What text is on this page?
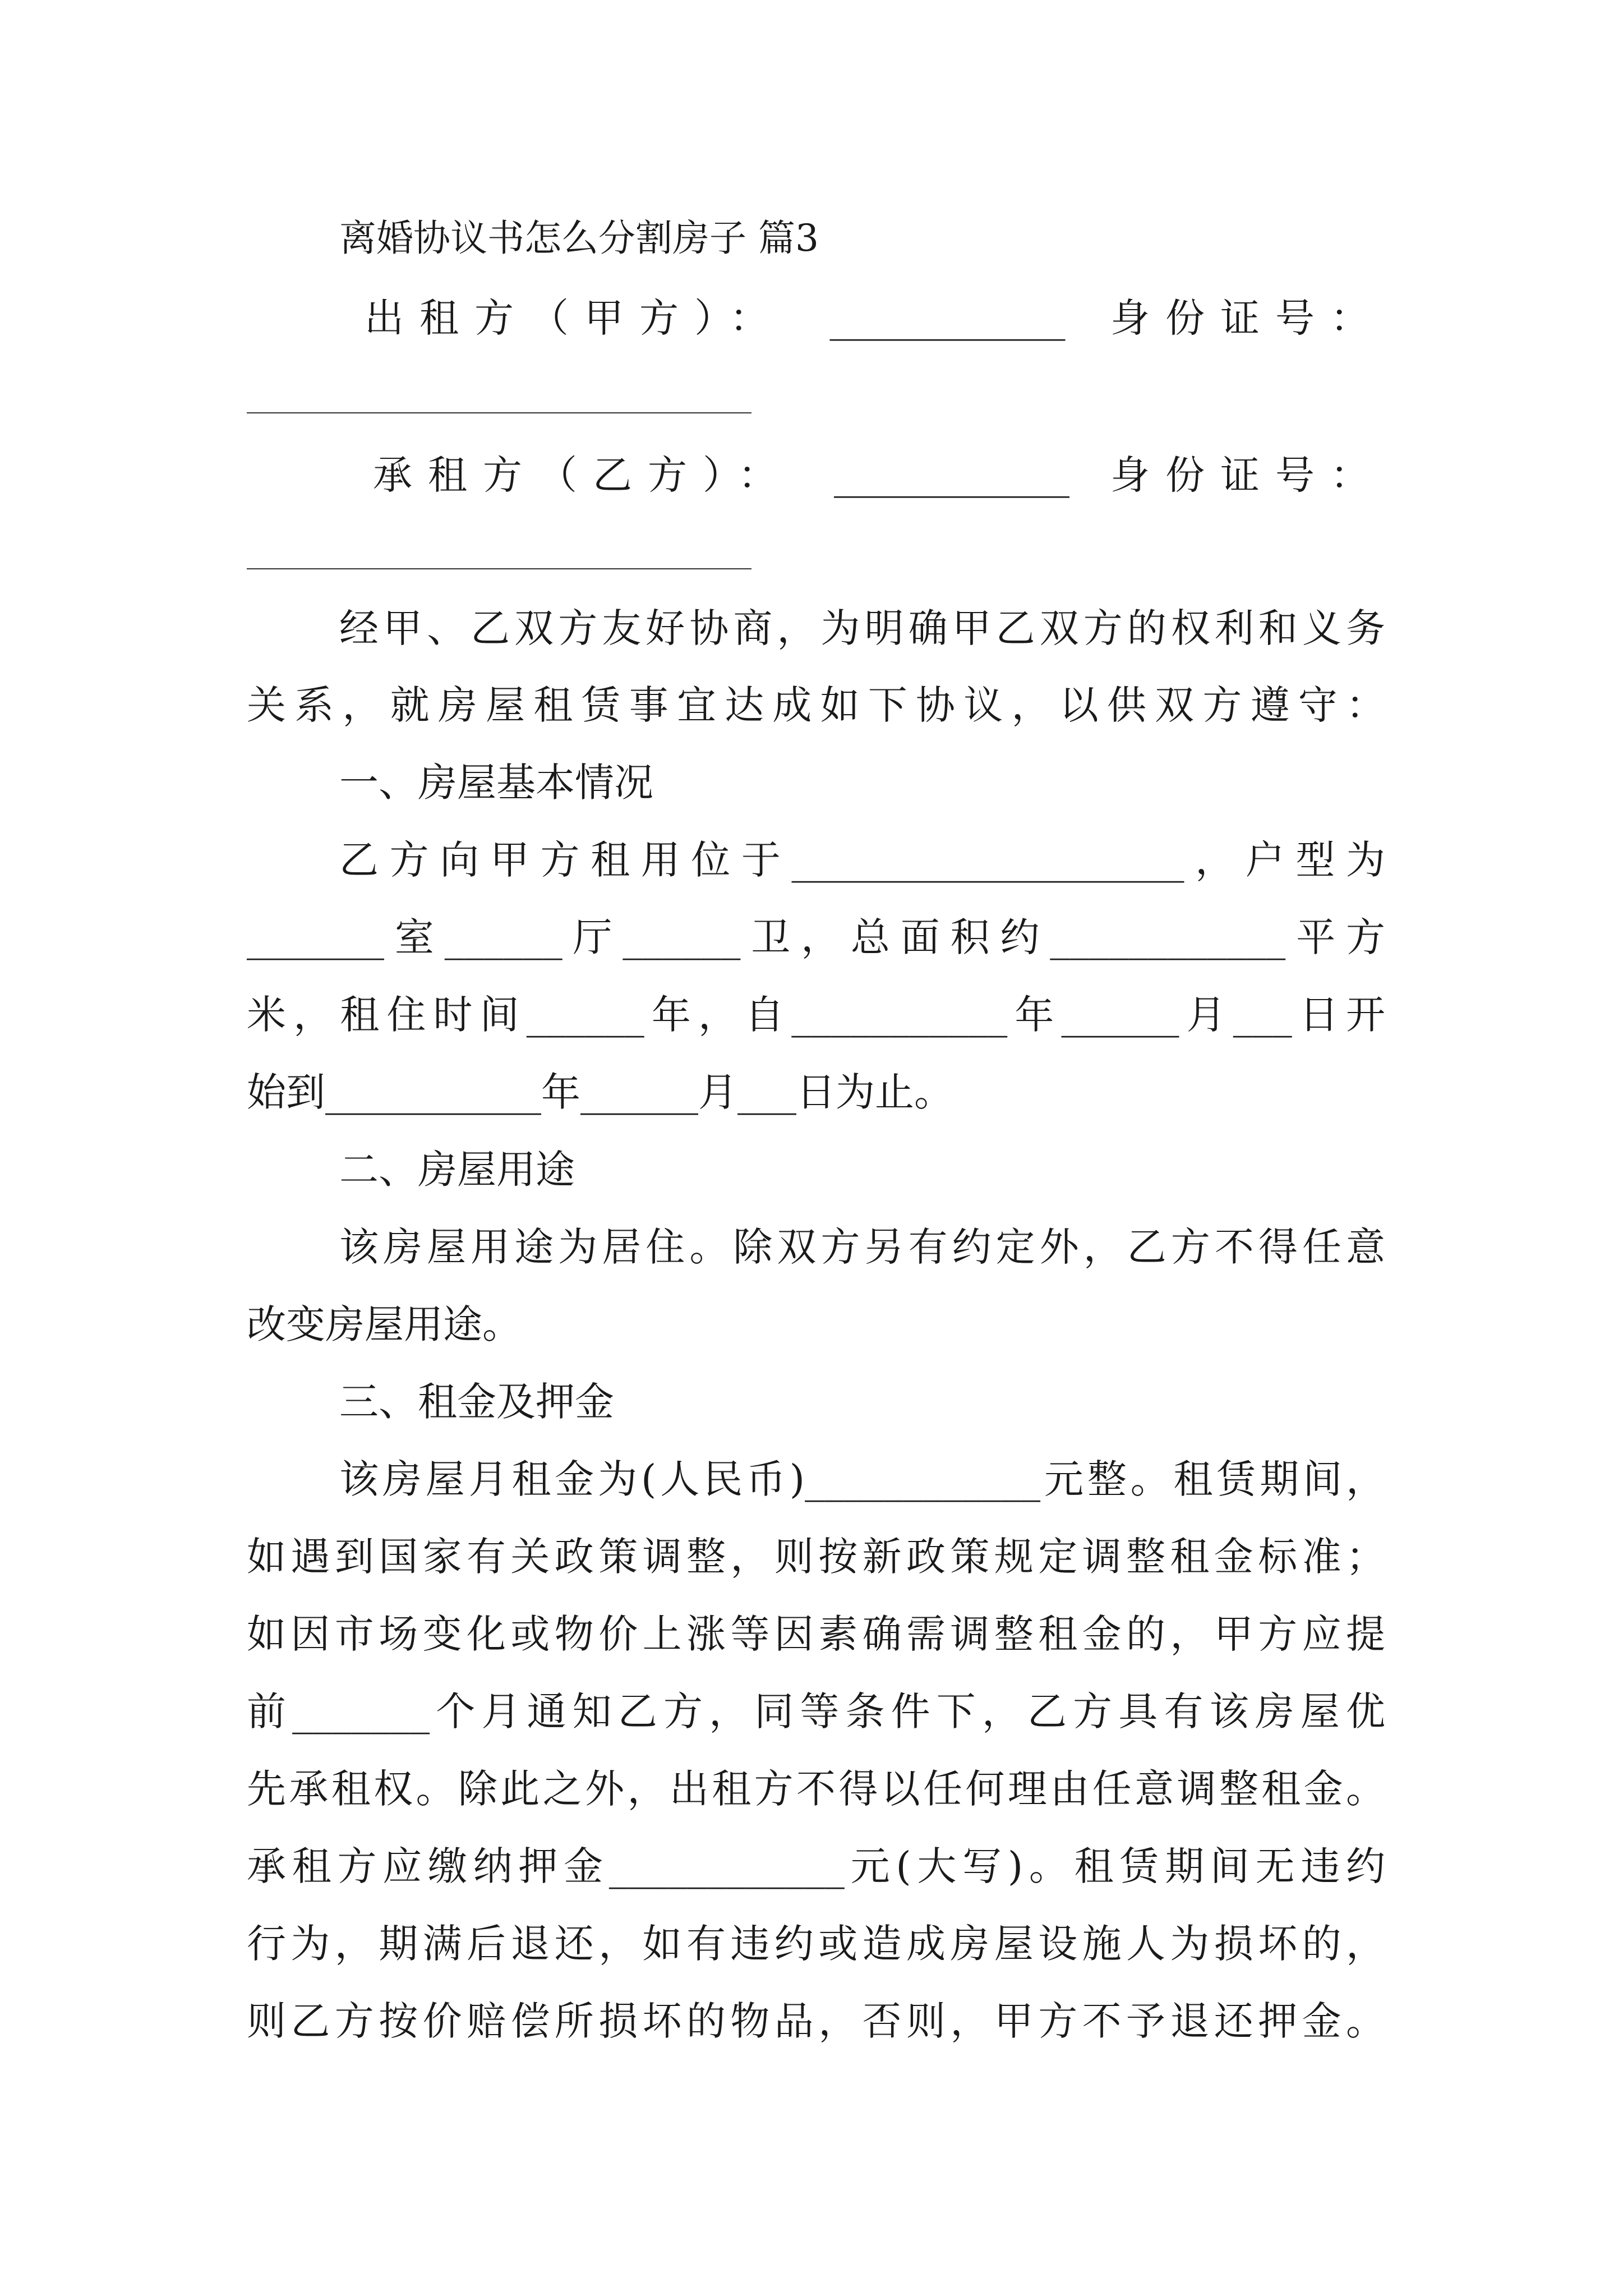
离婚协议书怎么分割房子 篇3
出租方（甲方）： ____________ 身份证号：
承租方（乙方）： ____________ 身份证号：
经甲、乙双方友好协商，为明确甲乙双方的权利和义务
关系，就房屋租赁事宜达成如下协议，以供双方遵守：
一、房屋基本情况
乙方向甲方租用位于____________________，户型为
_______室______厅______卫，总面积约____________平方
米，租住时间______年，自___________年______月___日开
始到___________年______月___日为止。
二、房屋用途
该房屋用途为居住。除双方另有约定外，乙方不得任意
改变房屋用途。
三、租金及押金
该房屋月租金为(人民币)____________元整。租赁期间，
如遇到国家有关政策调整，则按新政策规定调整租金标准；
如因市场变化或物价上涨等因素确需调整租金的，甲方应提
前_______个月通知乙方，同等条件下，乙方具有该房屋优
先承租权。除此之外，出租方不得以任何理由任意调整租金。
承租方应缴纳押金____________元(大写)。租赁期间无违约
行为，期满后退还，如有违约或造成房屋设施人为损坏的，
则乙方按价赔偿所损坏的物品，否则，甲方不予退还押金。
